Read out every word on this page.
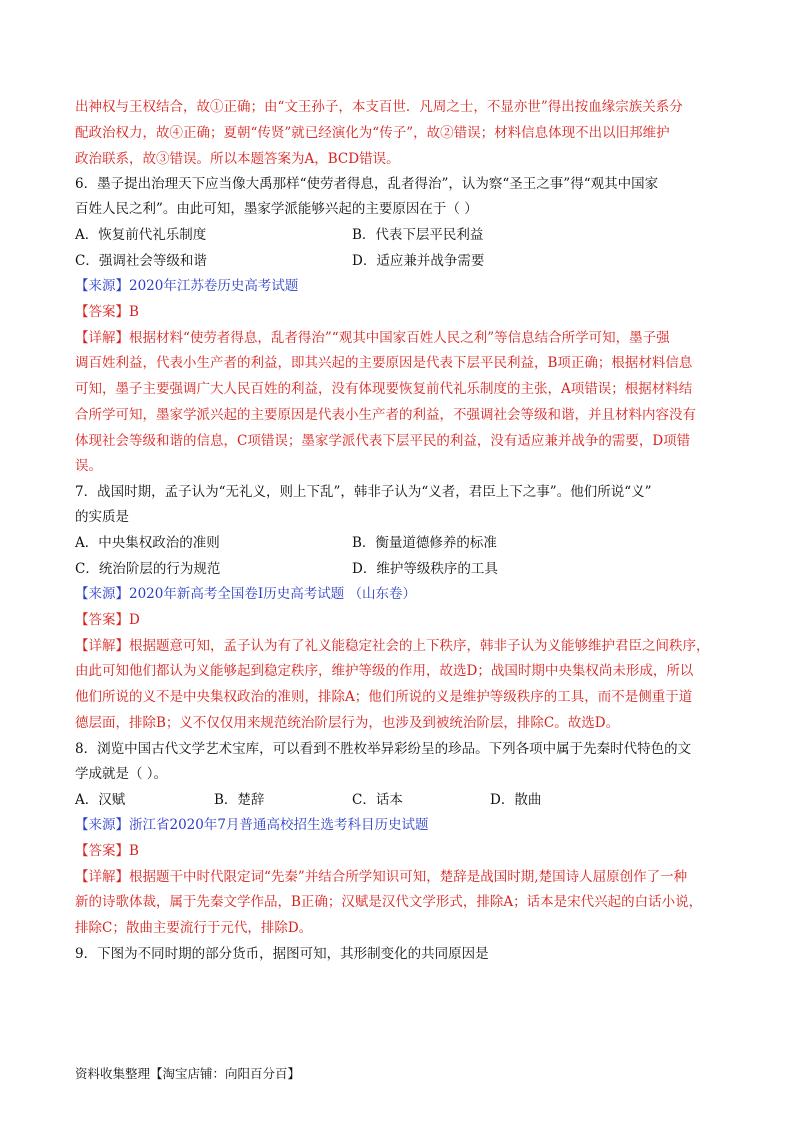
出神权与王权结合，故①正确；由“文王孙子，本支百世．凡周之士，不显亦世”得出按血缘宗族关系分
配政治权力，故④正确；夏朝“传贤”就已经演化为“传子”，故②错误；材料信息体现不出以旧邦维护
政治联系，故③错误。所以本题答案为A，BCD错误。
6．墨子提出治理天下应当像大禹那样“使劳者得息，乱者得治”，认为察“圣王之事”得“观其中国家
百姓人民之利”。由此可知，墨家学派能够兴起的主要原因在于（ ）
A．恢复前代礼乐制度	B．代表下层平民利益
C．强调社会等级和谐	D．适应兼并战争需要
【来源】2020年江苏卷历史高考试题
【答案】B
【详解】根据材料“使劳者得息，乱者得治”“观其中国家百姓人民之利”等信息结合所学可知，墨子强
调百姓利益，代表小生产者的利益，即其兴起的主要原因是代表下层平民利益，B项正确；根据材料信息
可知，墨子主要强调广大人民百姓的利益，没有体现要恢复前代礼乐制度的主张，A项错误；根据材料结
合所学可知，墨家学派兴起的主要原因是代表小生产者的利益，不强调社会等级和谐，并且材料内容没有
体现社会等级和谐的信息，C项错误；墨家学派代表下层平民的利益，没有适应兼并战争的需要，D项错
误。
7．战国时期，孟子认为“无礼义，则上下乱”，韩非子认为“义者，君臣上下之事”。他们所说“义”
的实质是
A．中央集权政治的准则	B．衡量道德修养的标准
C．统治阶层的行为规范	D．维护等级秩序的工具
【来源】2020年新高考全国卷Ⅰ历史高考试题 （山东卷）
【答案】D
【详解】根据题意可知，孟子认为有了礼义能稳定社会的上下秩序，韩非子认为义能够维护君臣之间秩序，
由此可知他们都认为义能够起到稳定秩序，维护等级的作用，故选D；战国时期中央集权尚未形成，所以
他们所说的义不是中央集权政治的准则，排除A；他们所说的义是维护等级秩序的工具，而不是侧重于道
德层面，排除B；义不仅仅用来规范统治阶层行为，也涉及到被统治阶层，排除C。故选D。
8．浏览中国古代文学艺术宝库，可以看到不胜枚举异彩纷呈的珍品。下列各项中属于先秦时代特色的文
学成就是（ ）。
A．汉赋	B．楚辞	C．话本	D．散曲
【来源】浙江省2020年7月普通高校招生选考科目历史试题
【答案】B
【详解】根据题干中时代限定词“先秦”并结合所学知识可知，楚辞是战国时期,楚国诗人屈原创作了一种
新的诗歌体裁，属于先秦文学作品，B正确；汉赋是汉代文学形式，排除A；话本是宋代兴起的白话小说，
排除C；散曲主要流行于元代，排除D。
9．下图为不同时期的部分货币，据图可知，其形制变化的共同原因是
资料收集整理【淘宝店铺：向阳百分百】
